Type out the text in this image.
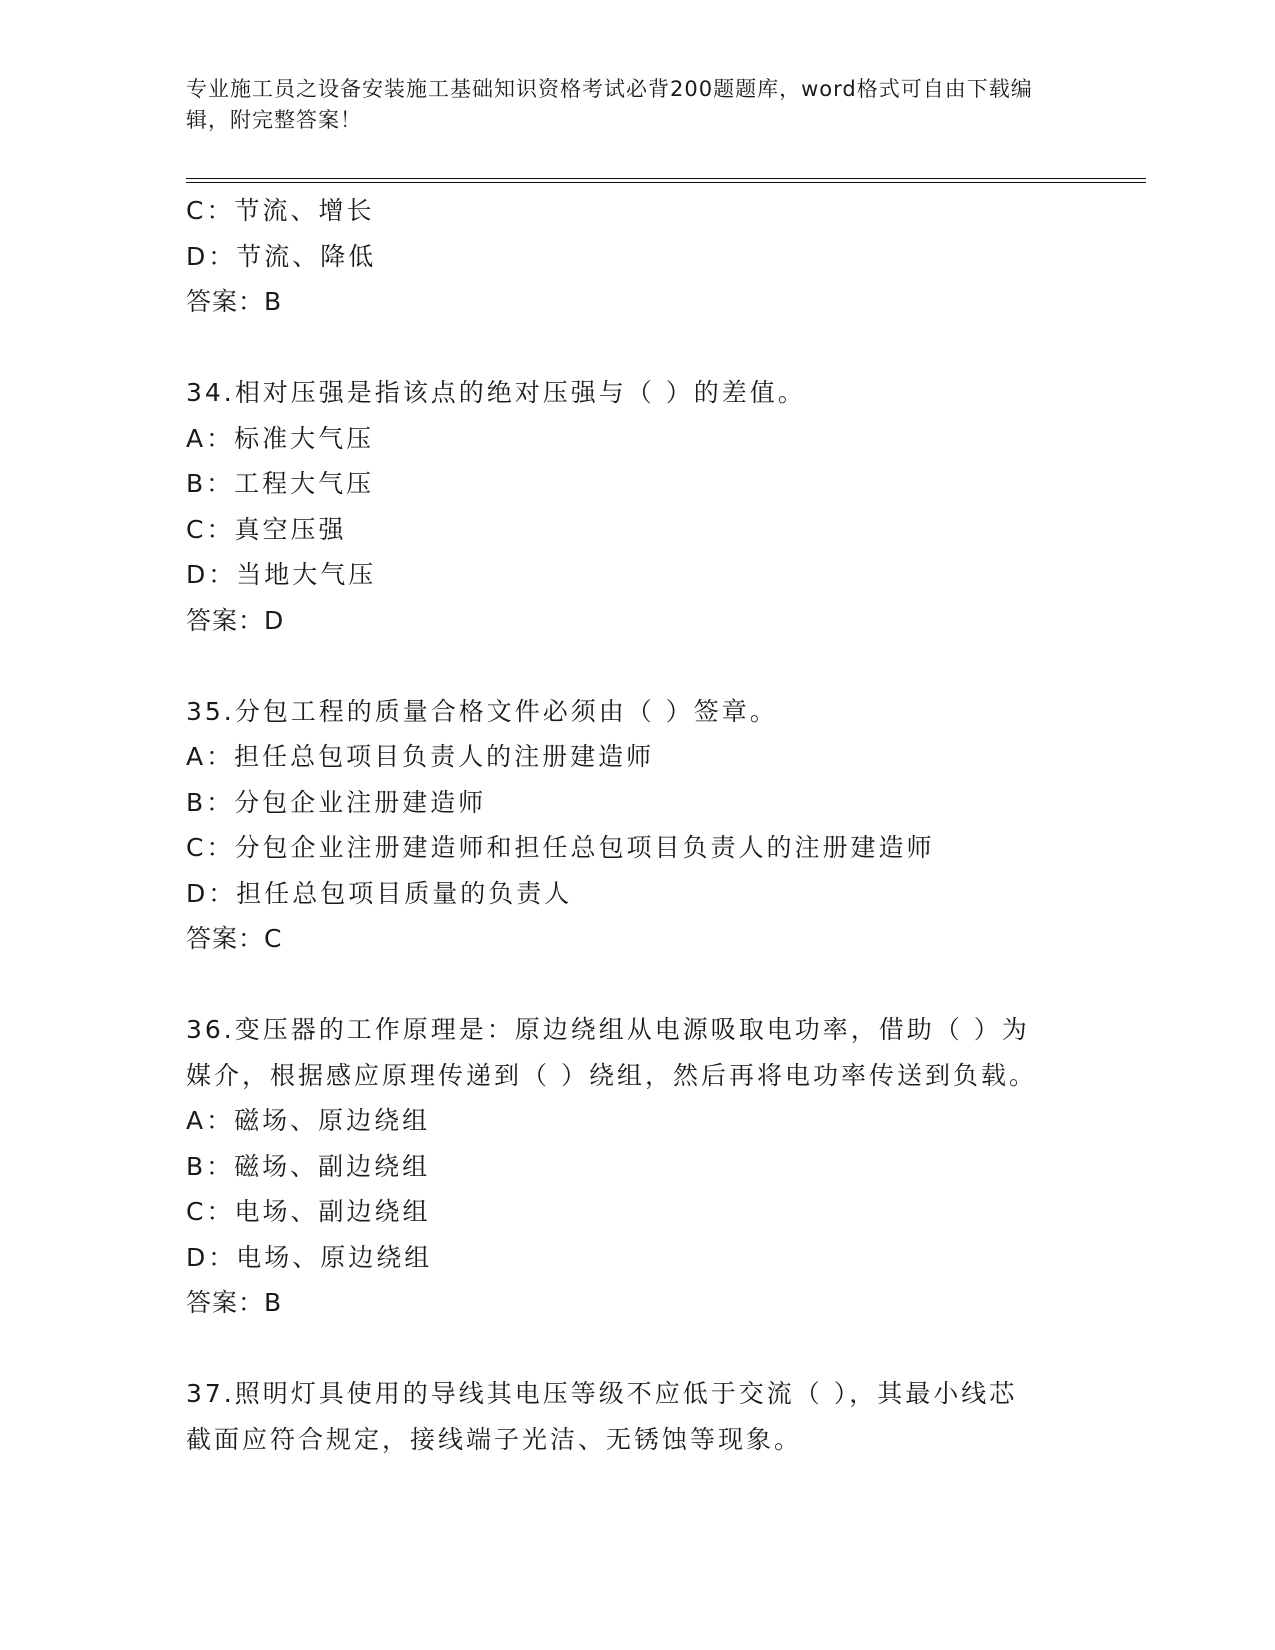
专业施工员之设备安装施工基础知识资格考试必背200题题库，word格式可自由下载编辑，附完整答案！
C：节流、增长
D：节流、降低
答案：B
34.相对压强是指该点的绝对压强与（ ）的差值。
A：标准大气压
B：工程大气压
C：真空压强
D：当地大气压
答案：D
35.分包工程的质量合格文件必须由（ ）签章。
A：担任总包项目负责人的注册建造师
B：分包企业注册建造师
C：分包企业注册建造师和担任总包项目负责人的注册建造师
D：担任总包项目质量的负责人
答案：C
36.变压器的工作原理是：原边绕组从电源吸取电功率，借助（ ）为
媒介，根据感应原理传递到（ ）绕组，然后再将电功率传送到负载。
A：磁场、原边绕组
B：磁场、副边绕组
C：电场、副边绕组
D：电场、原边绕组
答案：B
37.照明灯具使用的导线其电压等级不应低于交流（ ），其最小线芯
截面应符合规定，接线端子光洁、无锈蚀等现象。
